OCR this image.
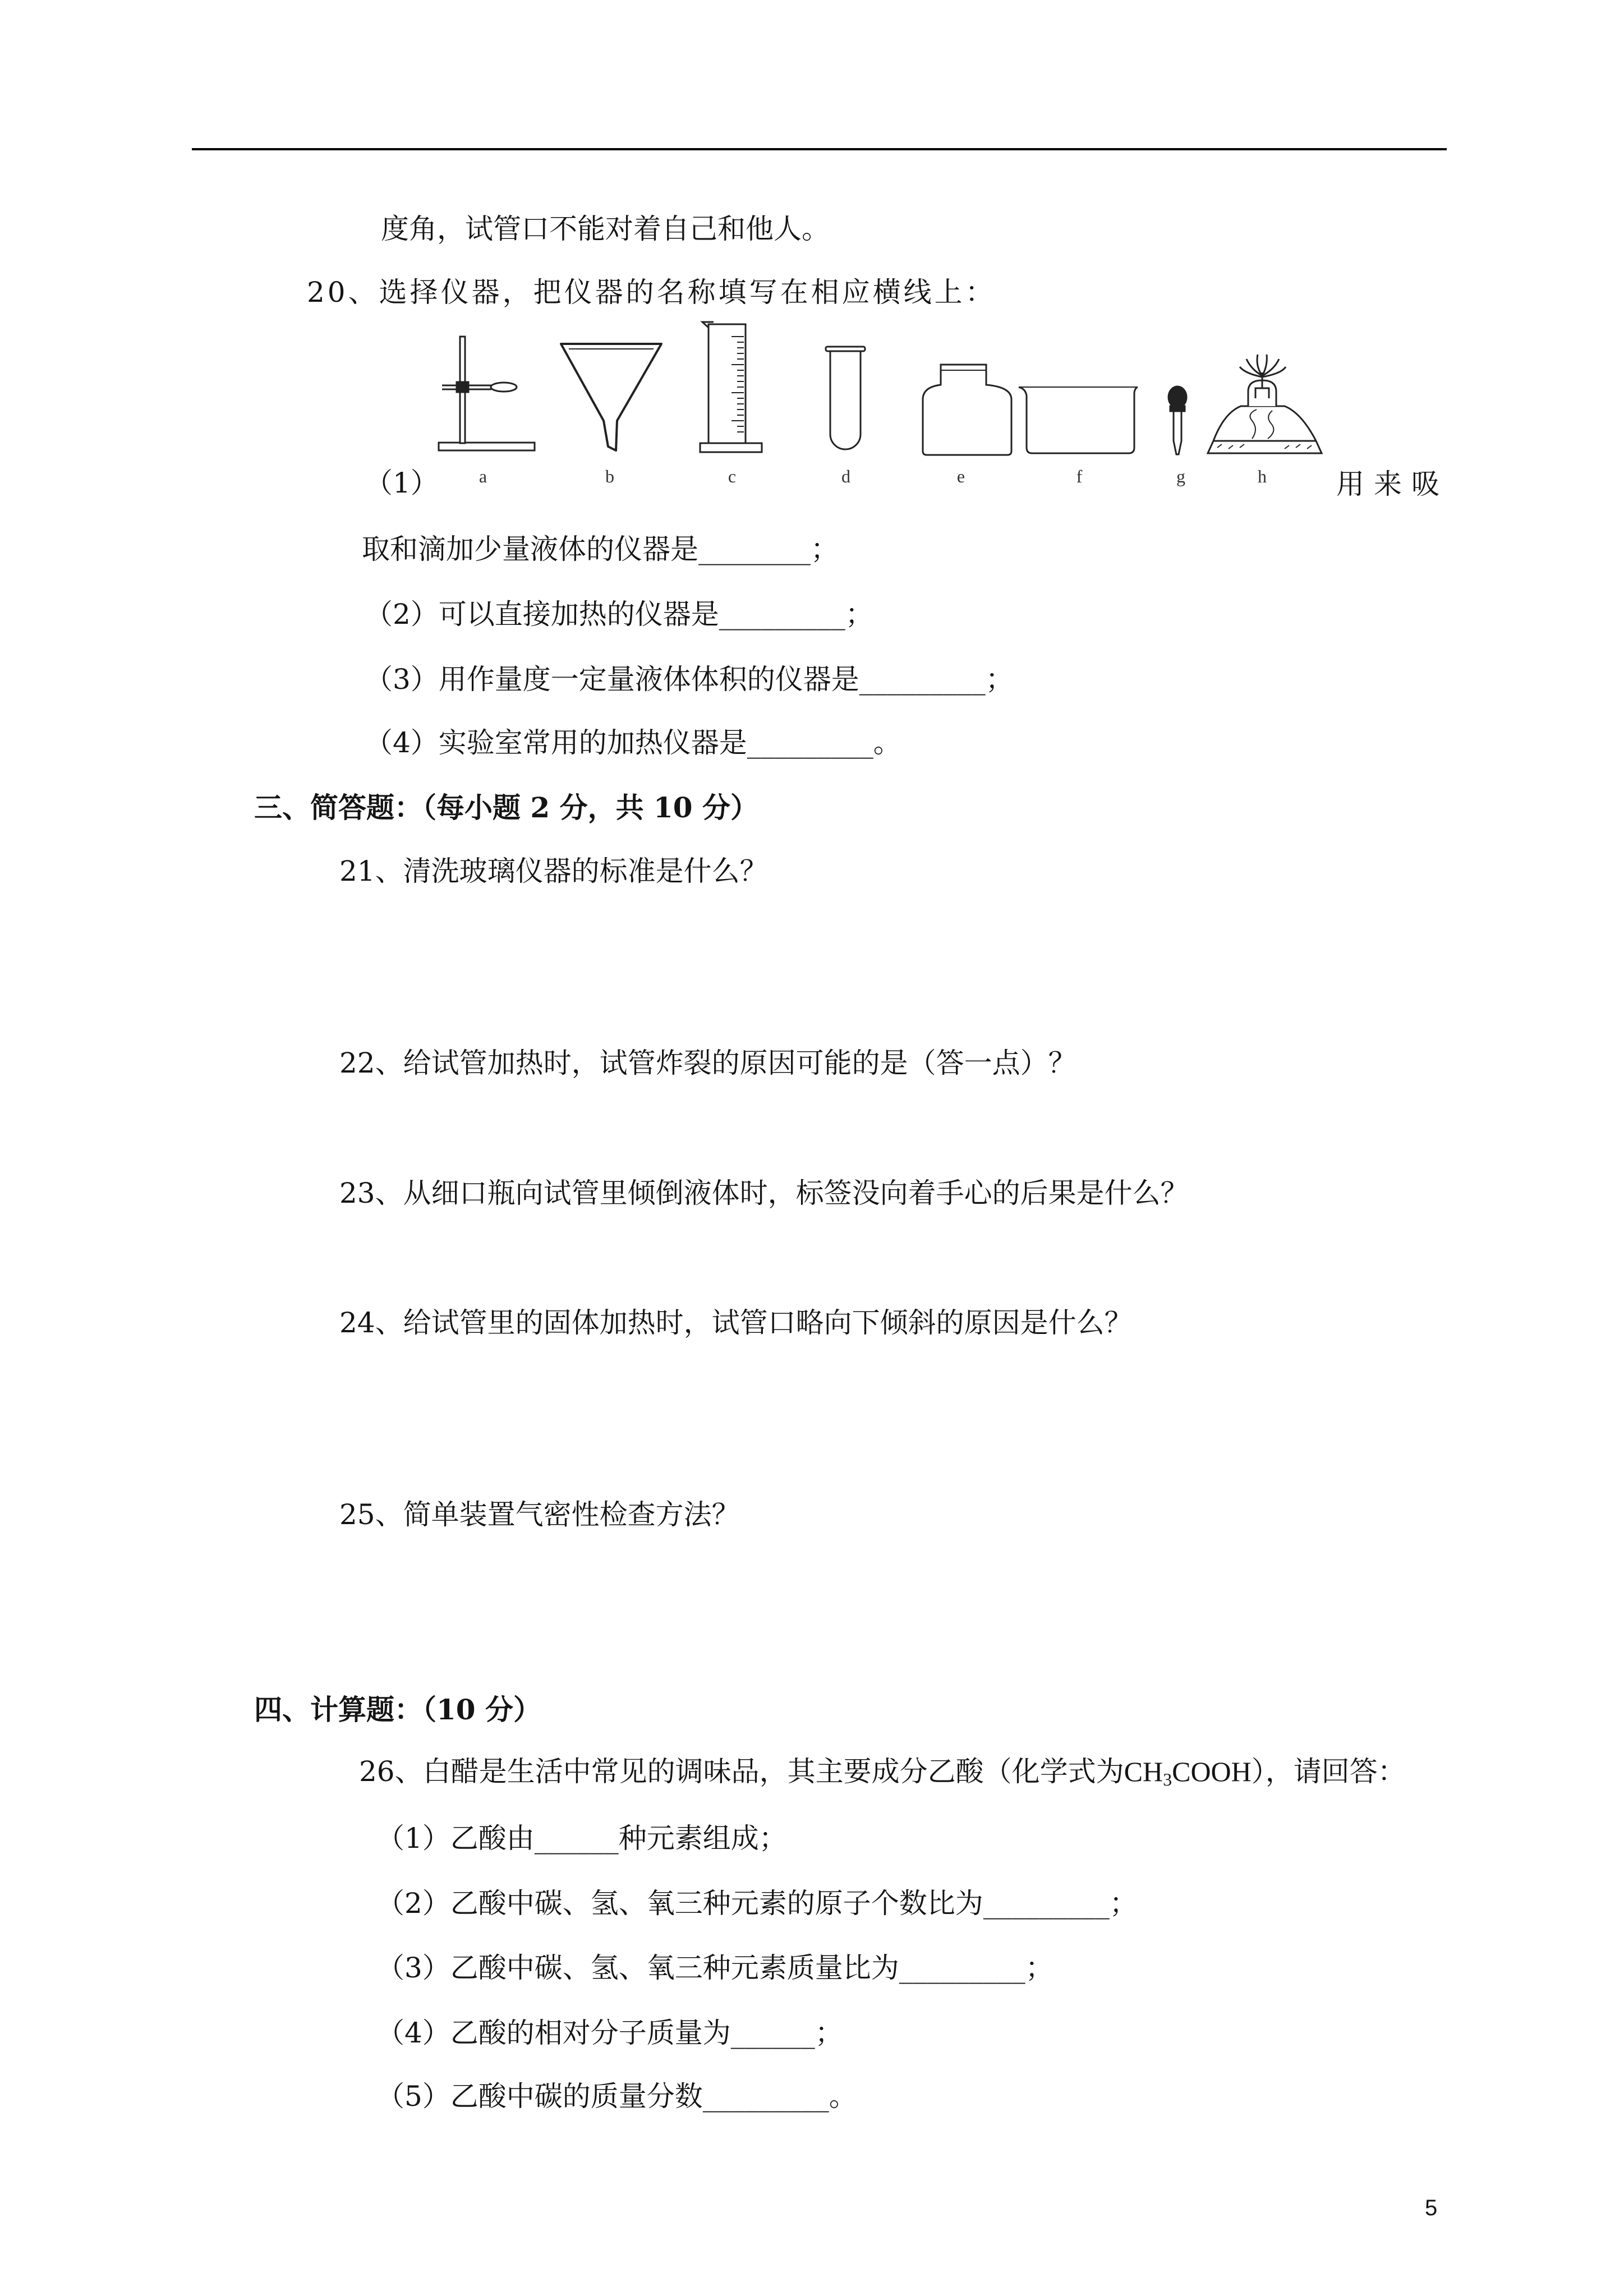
度角，试管口不能对着自己和他人。
20、选择仪器，把仪器的名称填写在相应横线上：
a	b	c	d	e	f	g	h
（1）	用来吸
取和滴加少量液体的仪器是________；
（2）可以直接加热的仪器是_________；
（3）用作量度一定量液体体积的仪器是_________；
（4）实验室常用的加热仪器是_________。
三、简答题：（每小题 2 分，共 10 分）
21、清洗玻璃仪器的标准是什么？
22、给试管加热时，试管炸裂的原因可能的是（答一点）？
23、从细口瓶向试管里倾倒液体时，标签没向着手心的后果是什么？
24、给试管里的固体加热时，试管口略向下倾斜的原因是什么？
25、简单装置气密性检查方法？
四、计算题：（10 分）
26、白醋是生活中常见的调味品，其主要成分乙酸（化学式为$CH_3COOH$），请回答：
（1）乙酸由______种元素组成；
（2）乙酸中碳、氢、氧三种元素的原子个数比为_________；
（3）乙酸中碳、氢、氧三种元素质量比为_________；
（4）乙酸的相对分子质量为______；
（5）乙酸中碳的质量分数_________。
5
